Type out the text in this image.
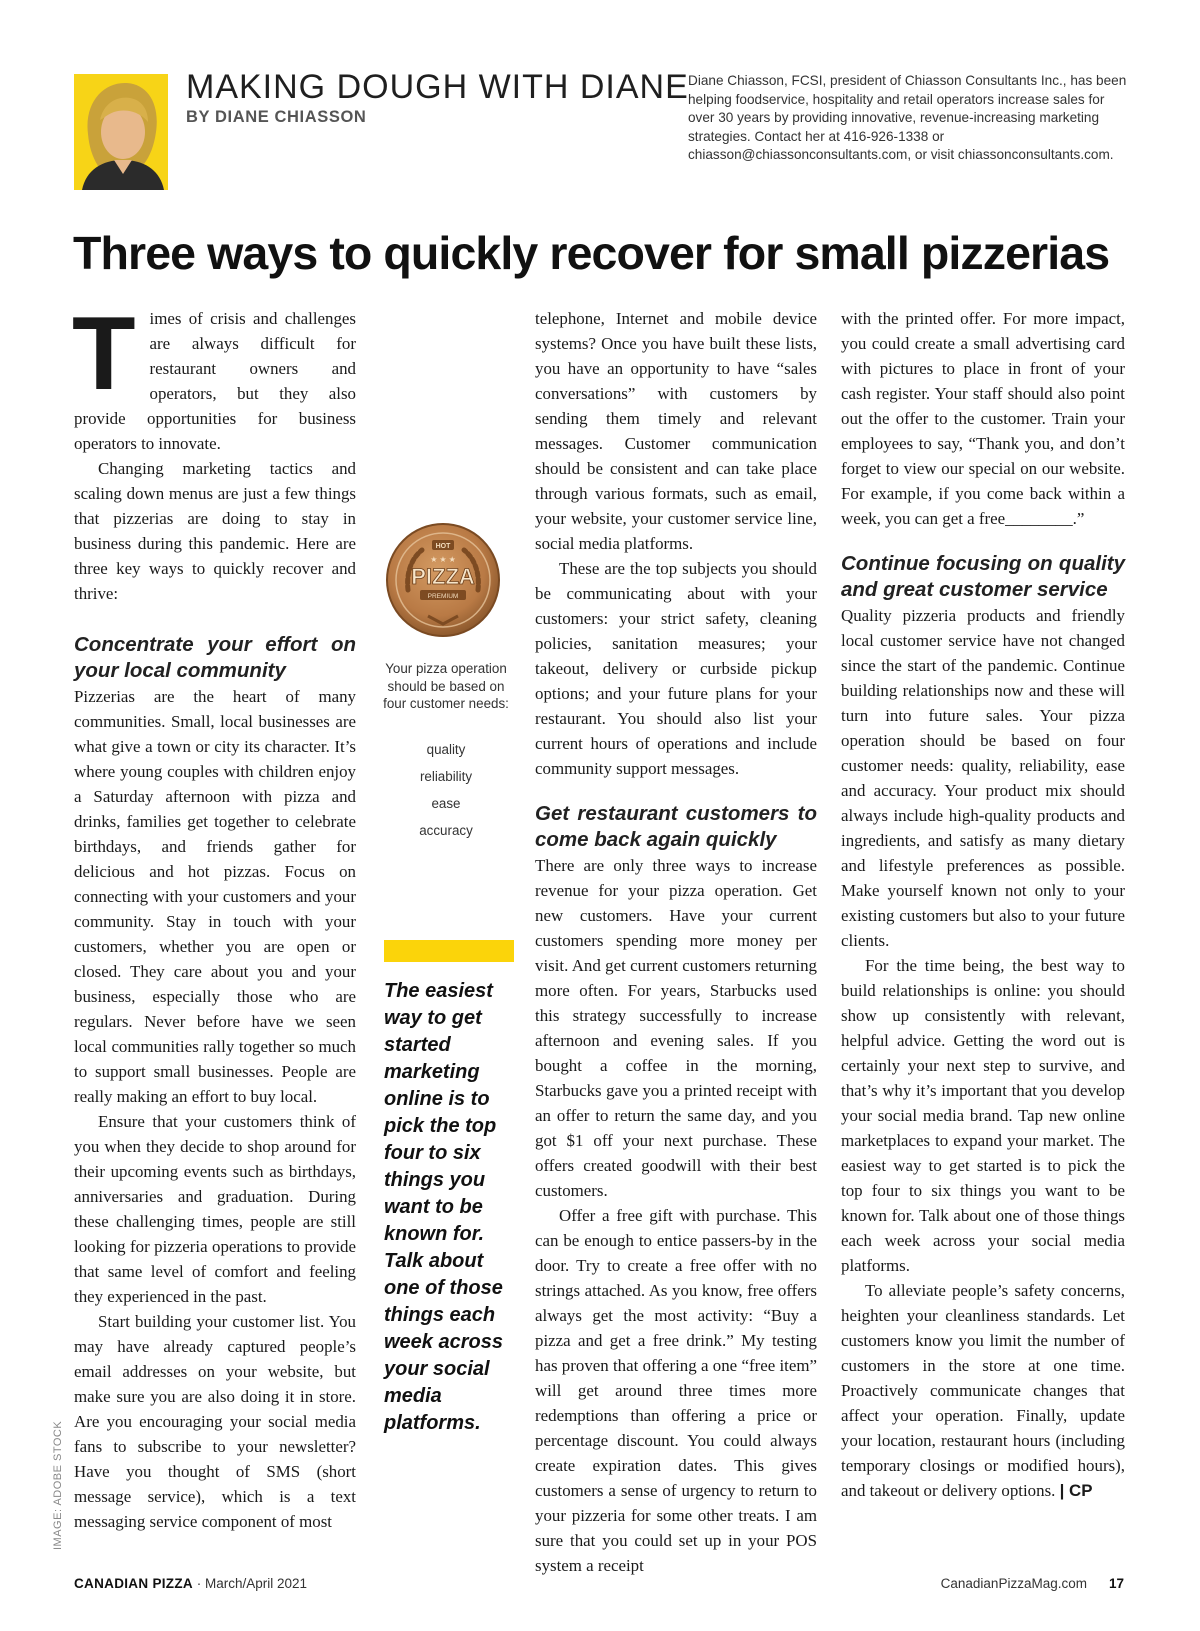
MAKING DOUGH WITH DIANE
BY DIANE CHIASSON
Diane Chiasson, FCSI, president of Chiasson Consultants Inc., has been helping foodservice, hospitality and retail operators increase sales for over 30 years by providing innovative, revenue-increasing marketing strategies. Contact her at 416-926-1338 or chiasson@chiassonconsultants.com, or visit chiassonconsultants.com.
Three ways to quickly recover for small pizzerias

Times of crisis and challenges are always difficult for restaurant owners and operators, but they also provide opportunities for business operators to innovate.

Changing marketing tactics and scaling down menus are just a few things that pizzerias are doing to stay in business during this pandemic. Here are three key ways to quickly recover and thrive:

Concentrate your effort on your local community

Pizzerias are the heart of many communities. Small, local businesses are what give a town or city its character. It’s where young couples with children enjoy a Saturday afternoon with pizza and drinks, families get together to celebrate birthdays, and friends gather for delicious and hot pizzas. Focus on connecting with your customers and your community. Stay in touch with your customers, whether you are open or closed. They care about you and your business, especially those who are regulars. Never before have we seen local communities rally together so much to support small businesses. People are really making an effort to buy local.

Ensure that your customers think of you when they decide to shop around for their upcoming events such as birthdays, anniversaries and graduation. During these challenging times, people are still looking for pizzeria operations to provide that same level of comfort and feeling they experienced in the past.

Start building your customer list. You may have already captured people’s email addresses on your website, but make sure you are also doing it in store. Are you encouraging your social media fans to subscribe to your newsletter? Have you thought of SMS (short message service), which is a text messaging service component of most

HOT
★ ★ ★
PIZZA
PREMIUM
Your pizza operation should be based on four customer needs:
quality
reliability
ease
accuracy
The easiest way to get started marketing online is to pick the top four to six things you want to be known for. Talk about one of those things each week across your social media platforms.

telephone, Internet and mobile device systems? Once you have built these lists, you have an opportunity to have “sales conversations” with customers by sending them timely and relevant messages. Customer communication should be consistent and can take place through various formats, such as email, your website, your customer service line, social media platforms.

These are the top subjects you should be communicating about with your customers: your strict safety, cleaning policies, sanitation measures; your takeout, delivery or curbside pickup options; and your future plans for your restaurant. You should also list your current hours of operations and include community support messages.

Get restaurant customers to come back again quickly

There are only three ways to increase revenue for your pizza operation. Get new customers. Have your current customers spending more money per visit. And get current customers returning more often. For years, Starbucks used this strategy successfully to increase afternoon and evening sales. If you bought a coffee in the morning, Starbucks gave you a printed receipt with an offer to return the same day, and you got $1 off your next purchase. These offers created goodwill with their best customers.

Offer a free gift with purchase. This can be enough to entice passers-by in the door. Try to create a free offer with no strings attached. As you know, free offers always get the most activity: “Buy a pizza and get a free drink.” My testing has proven that offering a one “free item” will get around three times more redemptions than offering a price or percentage discount. You could always create expiration dates. This gives customers a sense of urgency to return to your pizzeria for some other treats. I am sure that you could set up in your POS system a receipt

with the printed offer. For more impact, you could create a small advertising card with pictures to place in front of your cash register. Your staff should also point out the offer to the customer. Train your employees to say, “Thank you, and don’t forget to view our special on our website. For example, if you come back within a week, you can get a free________.”

Continue focusing on quality and great customer service

Quality pizzeria products and friendly local customer service have not changed since the start of the pandemic. Continue building relationships now and these will turn into future sales. Your pizza operation should be based on four customer needs: quality, reliability, ease and accuracy. Your product mix should always include high-quality products and ingredients, and satisfy as many dietary and lifestyle preferences as possible. Make yourself known not only to your existing customers but also to your future clients.

For the time being, the best way to build relationships is online: you should show up consistently with relevant, helpful advice. Getting the word out is certainly your next step to survive, and that’s why it’s important that you develop your social media brand. Tap new online marketplaces to expand your market. The easiest way to get started is to pick the top four to six things you want to be known for. Talk about one of those things each week across your social media platforms.

To alleviate people’s safety concerns, heighten your cleanliness standards. Let customers know you limit the number of customers in the store at one time. Proactively communicate changes that affect your operation. Finally, update your location, restaurant hours (including temporary closings or modified hours), and takeout or delivery options. | CP

IMAGE: ADOBE STOCK
CANADIAN PIZZA · March/April 2021	CanadianPizzaMag.com 17
